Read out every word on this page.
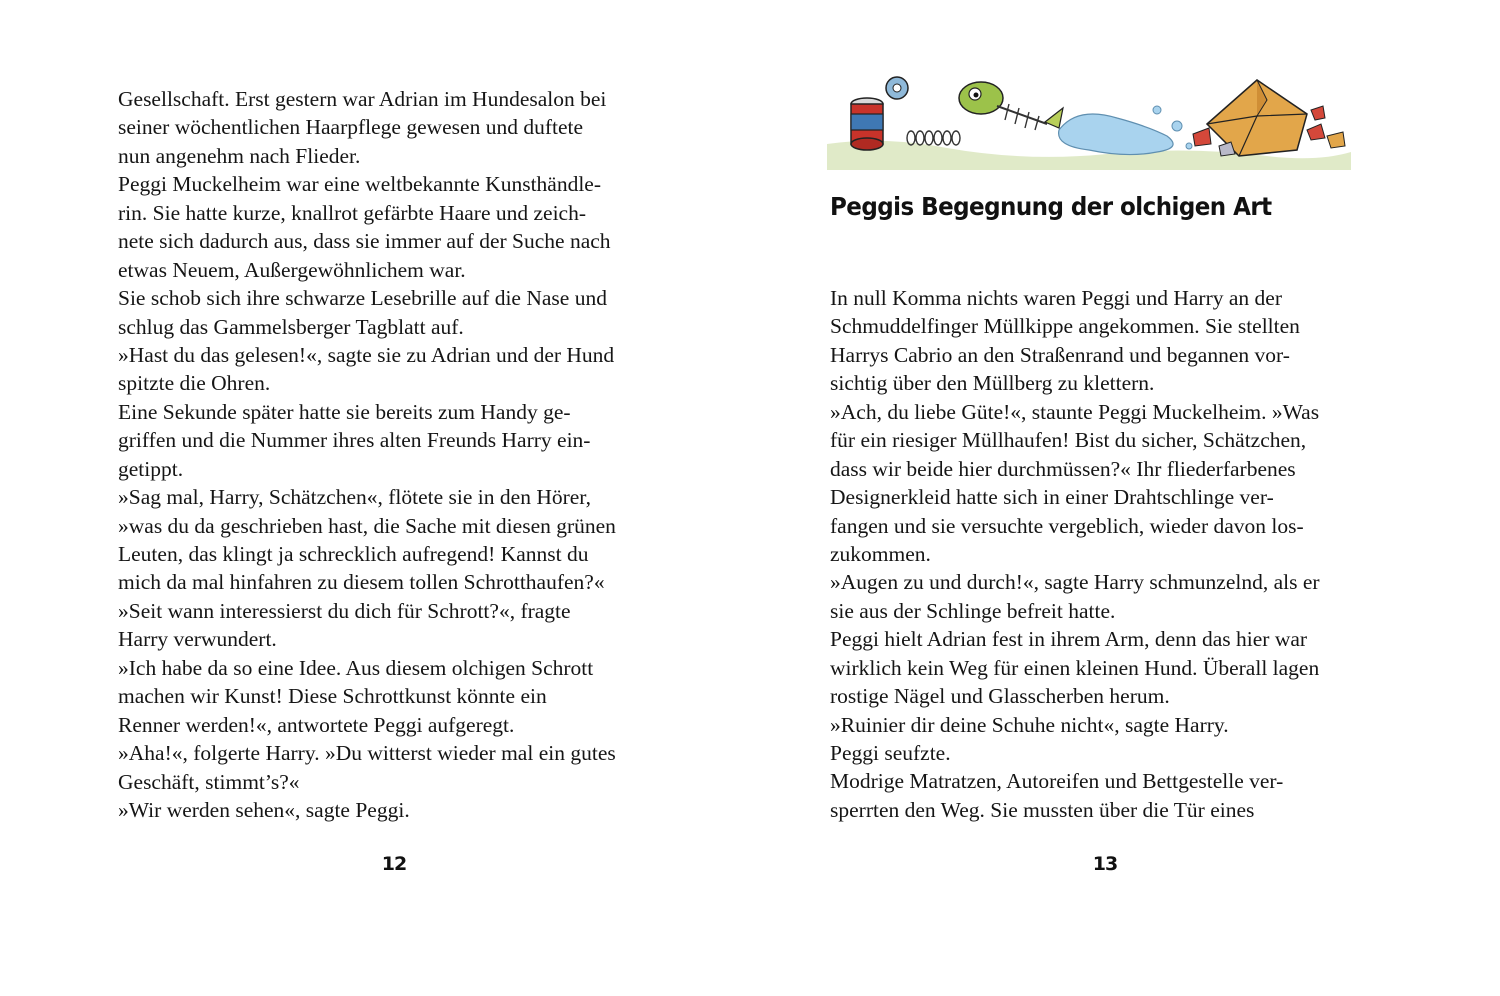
Gesellschaft. Erst gestern war Adrian im Hundesalon bei
seiner wöchentlichen Haarpflege gewesen und duftete
nun angenehm nach Flieder.
Peggi Muckelheim war eine weltbekannte Kunsthändle-
rin. Sie hatte kurze, knallrot gefärbte Haare und zeich-
nete sich dadurch aus, dass sie immer auf der Suche nach
etwas Neuem, Außergewöhnlichem war.
Sie schob sich ihre schwarze Lesebrille auf die Nase und
schlug das Gammelsberger Tagblatt auf.
»Hast du das gelesen!«, sagte sie zu Adrian und der Hund
spitzte die Ohren.
Eine Sekunde später hatte sie bereits zum Handy ge-
griffen und die Nummer ihres alten Freunds Harry ein-
getippt.
»Sag mal, Harry, Schätzchen«, flötete sie in den Hörer,
»was du da geschrieben hast, die Sache mit diesen grünen
Leuten, das klingt ja schrecklich aufregend! Kannst du
mich da mal hinfahren zu diesem tollen Schrotthaufen?«
»Seit wann interessierst du dich für Schrott?«, fragte
Harry verwundert.
»Ich habe da so eine Idee. Aus diesem olchigen Schrott
machen wir Kunst! Diese Schrottkunst könnte ein
Renner werden!«, antwortete Peggi aufgeregt.
»Aha!«, folgerte Harry. »Du witterst wieder mal ein gutes
Geschäft, stimmt’s?«
»Wir werden sehen«, sagte Peggi.
12
Peggis Begegnung der olchigen Art
In null Komma nichts waren Peggi und Harry an der
Schmuddelfinger Müllkippe angekommen. Sie stellten
Harrys Cabrio an den Straßenrand und begannen vor-
sichtig über den Müllberg zu klettern.
»Ach, du liebe Güte!«, staunte Peggi Muckelheim. »Was
für ein riesiger Müllhaufen! Bist du sicher, Schätzchen,
dass wir beide hier durchmüssen?« Ihr fliederfarbenes
Designerkleid hatte sich in einer Drahtschlinge ver-
fangen und sie versuchte vergeblich, wieder davon los-
zukommen.
»Augen zu und durch!«, sagte Harry schmunzelnd, als er
sie aus der Schlinge befreit hatte.
Peggi hielt Adrian fest in ihrem Arm, denn das hier war
wirklich kein Weg für einen kleinen Hund. Überall lagen
rostige Nägel und Glasscherben herum.
»Ruinier dir deine Schuhe nicht«, sagte Harry.
Peggi seufzte.
Modrige Matratzen, Autoreifen und Bettgestelle ver-
sperrten den Weg. Sie mussten über die Tür eines
13
